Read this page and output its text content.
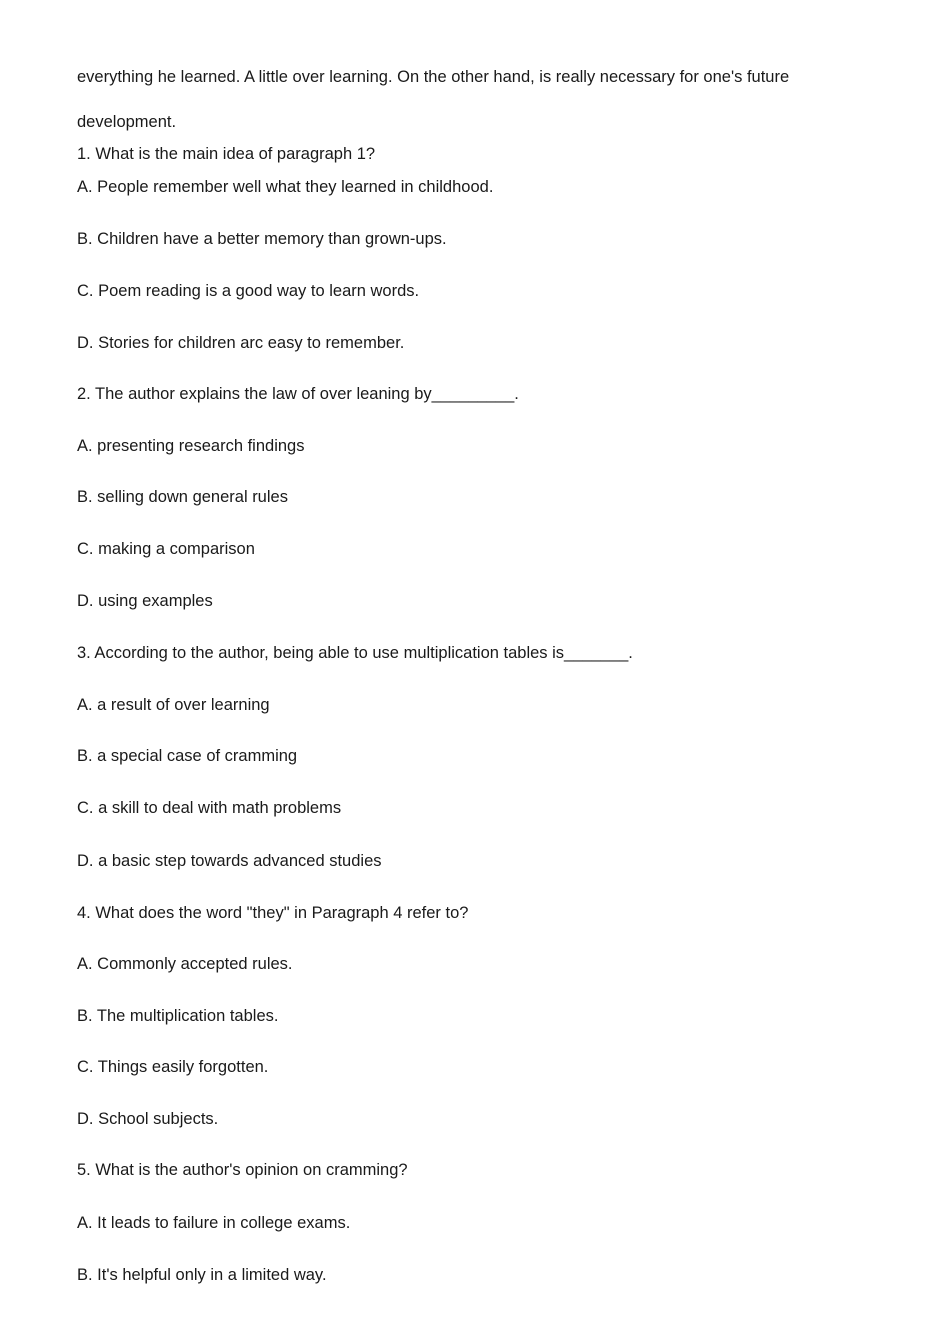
everything he learned. A little over learning. On the other hand, is really necessary for one's future
development.
1. What is the main idea of paragraph 1?
A. People remember well what they learned in childhood.
B. Children have a better memory than grown-ups.
C. Poem reading is a good way to learn words.
D. Stories for children arc easy to remember.
2. The author explains the law of over leaning by_________.
A. presenting research findings
B. selling down general rules
C. making a comparison
D. using examples
3. According to the author, being able to use multiplication tables is_______.
A. a result of over learning
B. a special case of cramming
C. a skill to deal with math problems
D. a basic step towards advanced studies
4. What does the word "they" in Paragraph 4 refer to?
A. Commonly accepted rules.
B. The multiplication tables.
C. Things easily forgotten.
D. School subjects.
5. What is the author's opinion on cramming?
A. It leads to failure in college exams.
B. It's helpful only in a limited way.
